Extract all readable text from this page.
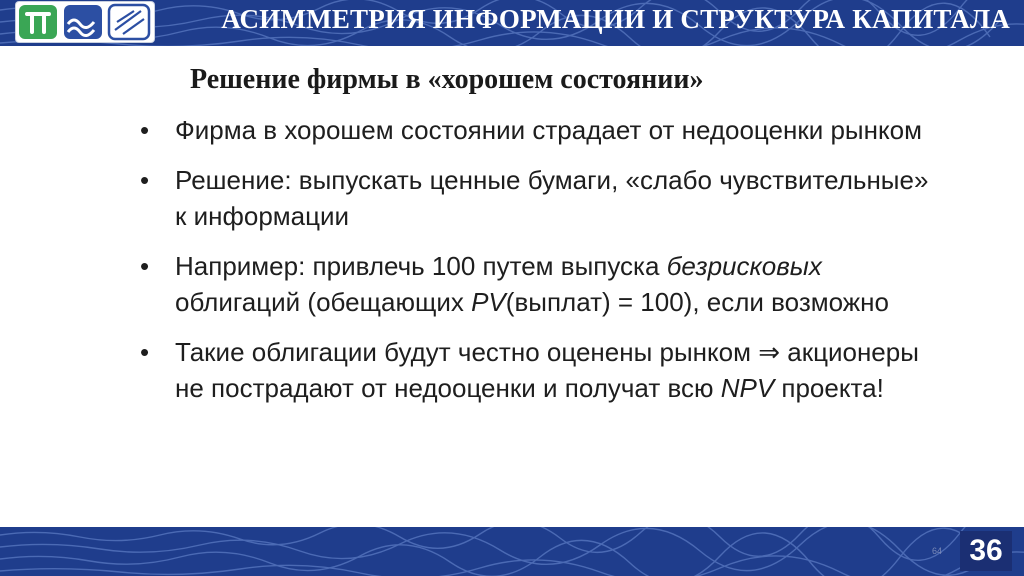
АСИММЕТРИЯ ИНФОРМАЦИИ И СТРУКТУРА КАПИТАЛА
Решение фирмы в «хорошем состоянии»
• Фирма в хорошем состоянии страдает от недооценки рынком
• Решение: выпускать ценные бумаги, «слабо чувствительные» к информации
• Например: привлечь 100 путем выпуска безрисковых облигаций (обещающих PV(выплат) = 100), если возможно
• Такие облигации будут честно оценены рынком ⇒ акционеры не пострадают от недооценки и получат всю NPV проекта!
64 36
